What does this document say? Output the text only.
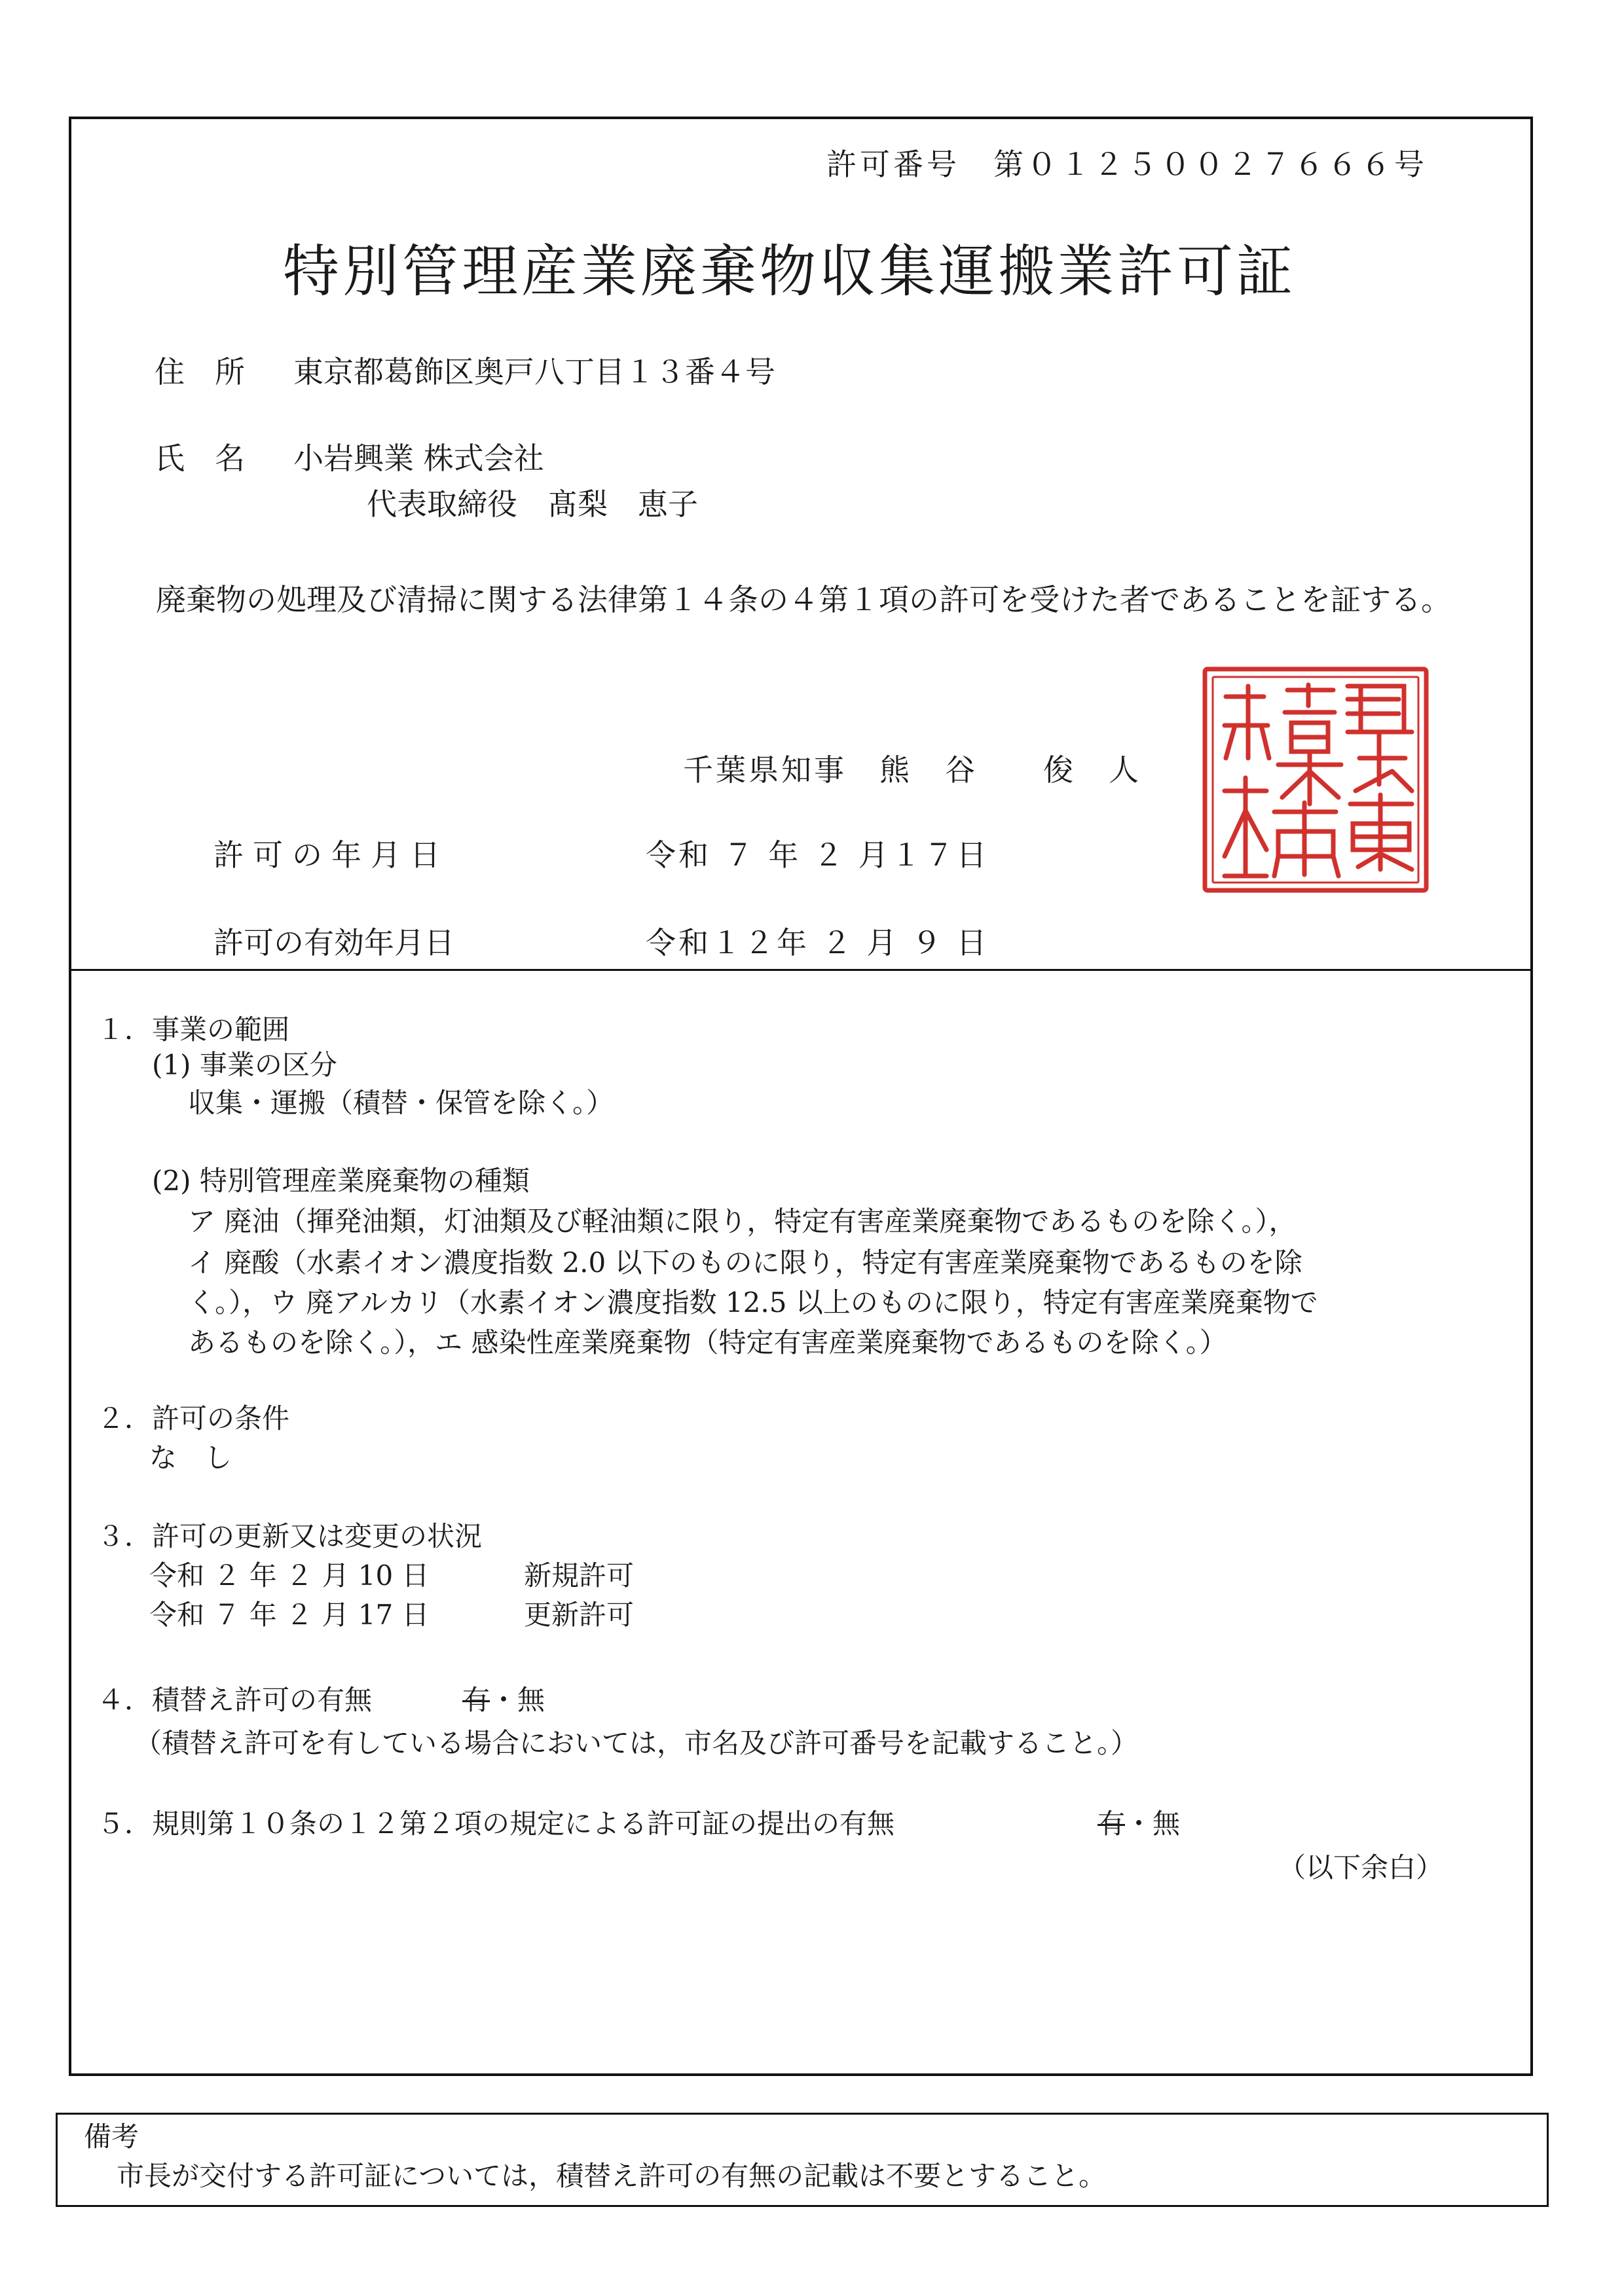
許可番号　第０１２５００２７６６６号
特別管理産業廃棄物収集運搬業許可証
住　所 東京都葛飾区奥戸八丁目１３番４号
氏　名 小岩興業 株式会社
代表取締役　髙梨　恵子
廃棄物の処理及び清掃に関する法律第１４条の４第１項の許可を受けた者であることを証する。
千葉県知事　熊　谷　　俊　人
許可の年月日	令和 ７ 年 ２ 月１７日
許可の有効年月日	令和１２年 ２ 月 ９ 日
１．事業の範囲
(1) 事業の区分
収集・運搬（積替・保管を除く。）
(2) 特別管理産業廃棄物の種類
ア 廃油（揮発油類，灯油類及び軽油類に限り，特定有害産業廃棄物であるものを除く。），
イ 廃酸（水素イオン濃度指数 2.0 以下のものに限り，特定有害産業廃棄物であるものを除
く。），ウ 廃アルカリ（水素イオン濃度指数 12.5 以上のものに限り，特定有害産業廃棄物で
あるものを除く。），エ 感染性産業廃棄物（特定有害産業廃棄物であるものを除く。）
２．許可の条件
な　し
３．許可の更新又は変更の状況
令和 ２ 年 ２ 月 10 日	新規許可
令和 ７ 年 ２ 月 17 日	更新許可
４．積替え許可の有無	有・無
（積替え許可を有している場合においては，市名及び許可番号を記載すること。）
５．規則第１０条の１２第２項の規定による許可証の提出の有無	有・無
（以下余白）
備考
市長が交付する許可証については，積替え許可の有無の記載は不要とすること。
